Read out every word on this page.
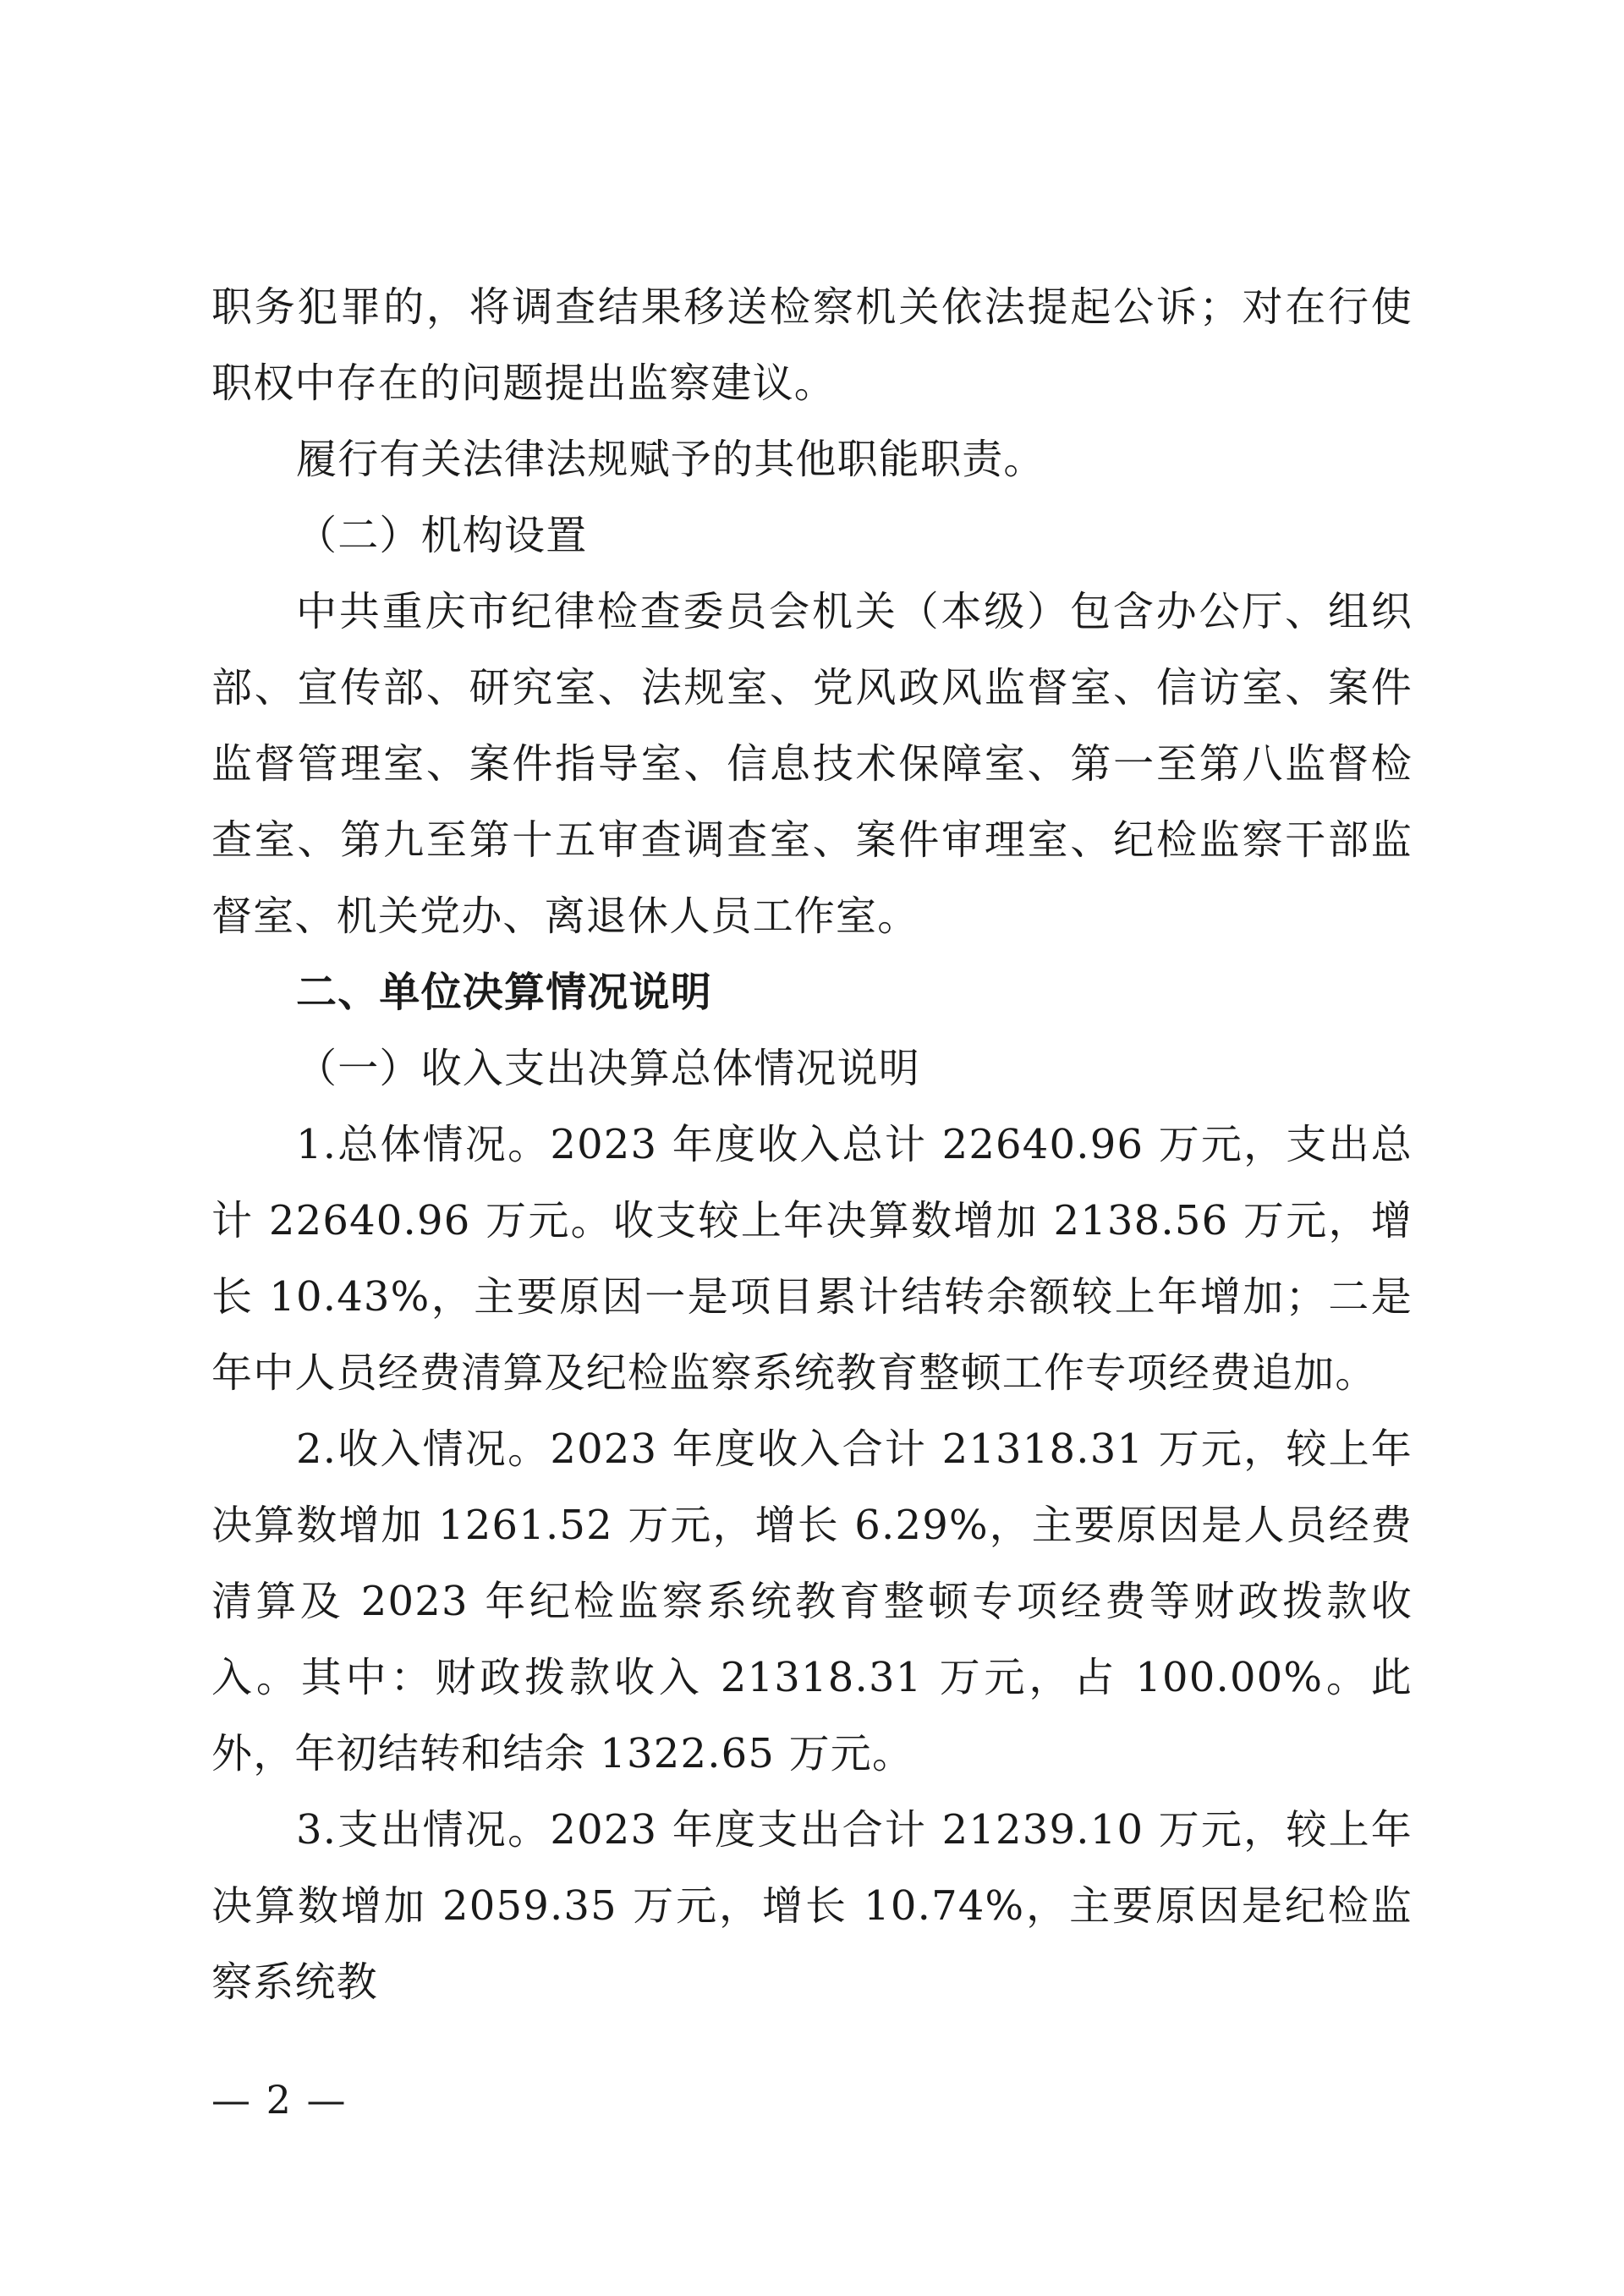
职务犯罪的，将调查结果移送检察机关依法提起公诉；对在行使职权中存在的问题提出监察建议。

履行有关法律法规赋予的其他职能职责。

（二）机构设置

中共重庆市纪律检查委员会机关（本级）包含办公厅、组织部、宣传部、研究室、法规室、党风政风监督室、信访室、案件监督管理室、案件指导室、信息技术保障室、第一至第八监督检查室、第九至第十五审查调查室、案件审理室、纪检监察干部监督室、机关党办、离退休人员工作室。

二、单位决算情况说明

（一）收入支出决算总体情况说明

1.总体情况。2023 年度收入总计 22640.96 万元，支出总计 22640.96 万元。收支较上年决算数增加 2138.56 万元，增长 10.43%，主要原因一是项目累计结转余额较上年增加；二是年中人员经费清算及纪检监察系统教育整顿工作专项经费追加。

2.收入情况。2023 年度收入合计 21318.31 万元，较上年决算数增加 1261.52 万元，增长 6.29%，主要原因是人员经费清算及 2023 年纪检监察系统教育整顿专项经费等财政拨款收入。其中：财政拨款收入 21318.31 万元，占 100.00%。此外，年初结转和结余 1322.65 万元。

3.支出情况。2023 年度支出合计 21239.10 万元，较上年决算数增加 2059.35 万元，增长 10.74%，主要原因是纪检监察系统教

— 2 —
